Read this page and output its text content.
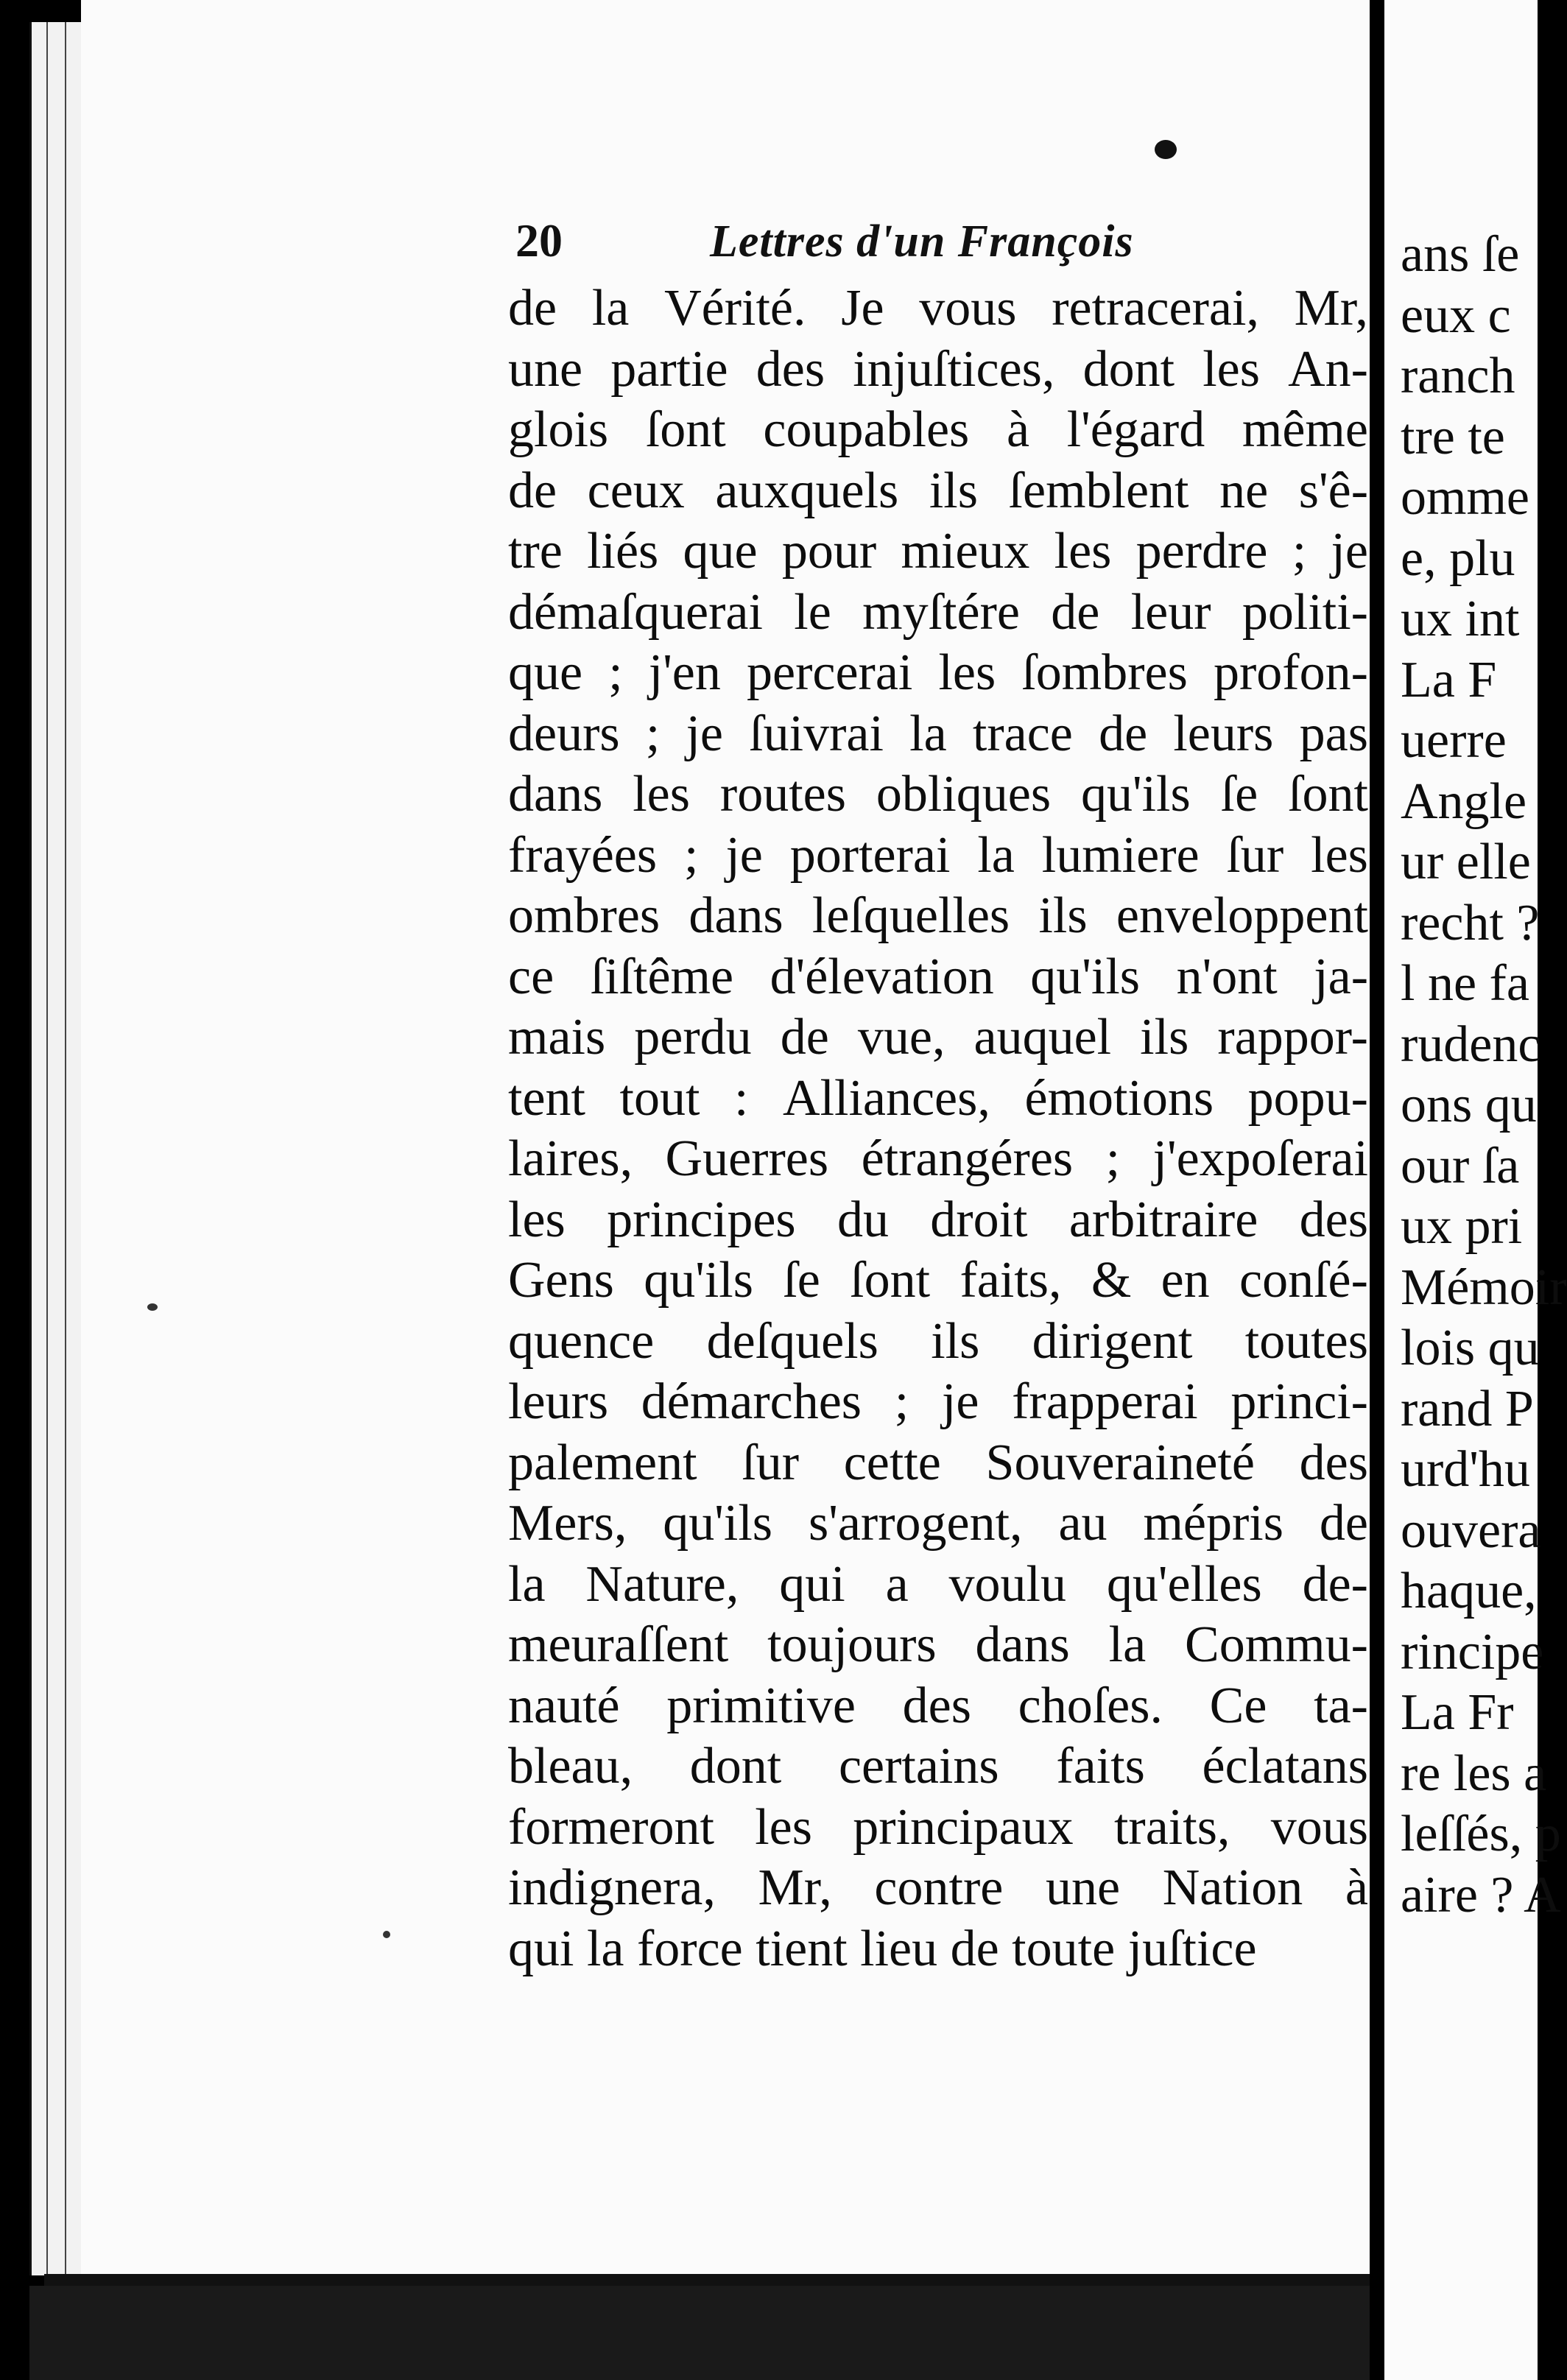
20	Lettres d'un François
de la Vérité. Je vous retracerai, Mr,
une partie des injuſtices, dont les An-
glois ſont coupables à l'égard même
de ceux auxquels ils ſemblent ne s'ê-
tre liés que pour mieux les perdre ; je
démaſquerai le myſtére de leur politi-
que ; j'en percerai les ſombres profon-
deurs ; je ſuivrai la trace de leurs pas
dans les routes obliques qu'ils ſe ſont
frayées ; je porterai la lumiere ſur les
ombres dans leſquelles ils enveloppent
ce ſiſtême d'élevation qu'ils n'ont ja-
mais perdu de vue, auquel ils rappor-
tent tout : Alliances, émotions popu-
laires, Guerres étrangéres ; j'expoſerai
les principes du droit arbitraire des
Gens qu'ils ſe ſont faits, & en conſé-
quence deſquels ils dirigent toutes
leurs démarches ; je frapperai princi-
palement ſur cette Souveraineté des
Mers, qu'ils s'arrogent, au mépris de
la Nature, qui a voulu qu'elles de-
meuraſſent toujours dans la Commu-
nauté primitive des choſes. Ce ta-
bleau, dont certains faits éclatans
formeront les principaux traits, vous
indignera, Mr, contre une Nation à
qui la force tient lieu de toute juſtice
ans ſe
eux c
ranch
tre te
omme
e, plu
ux int
La F
uerre
Angle
ur elle
recht ?
l ne fa
rudenc
ons qu
our ſa
ux pri
Mémoir
lois qu
rand P
urd'hu
ouvera
haque,
rincipe
La Fr
re les a
leſſés, p
aire ? A
